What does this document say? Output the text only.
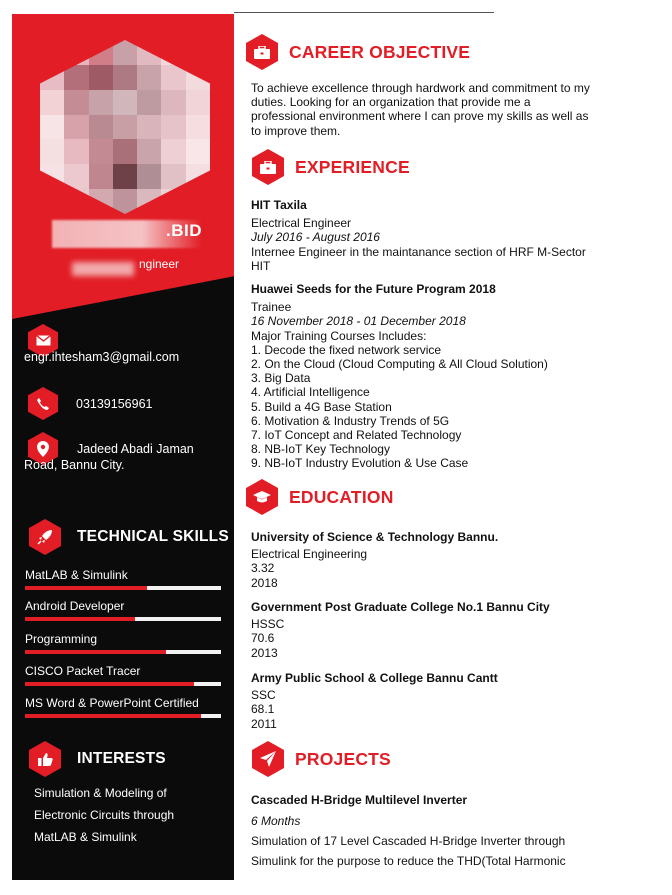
.BID
ngineer
engr.ihtesham3@gmail.com
03139156961
Jadeed Abadi Jaman
Road, Bannu City.
TECHNICAL SKILLS
MatLAB & Simulink
Android Developer
Programming
CISCO Packet Tracer
MS Word & PowerPoint Certified
INTERESTS
Simulation & Modeling of
Electronic Circuits through
MatLAB & Simulink
CAREER OBJECTIVE
To achieve excellence through hardwork and commitment to my
duties. Looking for an organization that provide me a
professional environment where I can prove my skills as well as
to improve them.
EXPERIENCE
HIT Taxila
Electrical Engineer
July 2016 - August 2016
Internee Engineer in the maintanance section of HRF M-Sector
HIT
Huawei Seeds for the Future Program 2018
Trainee
16 November 2018 - 01 December 2018
Major Training Courses Includes:
1. Decode the fixed network service
2. On the Cloud (Cloud Computing & All Cloud Solution)
3. Big Data
4. Artificial Intelligence
5. Build a 4G Base Station
6. Motivation & Industry Trends of 5G
7. IoT Concept and Related Technology
8. NB-IoT Key Technology
9. NB-IoT Industry Evolution & Use Case
EDUCATION
University of Science & Technology Bannu.
Electrical Engineering
3.32
2018
Government Post Graduate College No.1 Bannu City
HSSC
70.6
2013
Army Public School & College Bannu Cantt
SSC
68.1
2011
PROJECTS
Cascaded H-Bridge Multilevel Inverter
6 Months
Simulation of 17 Level Cascaded H-Bridge Inverter through
Simulink for the purpose to reduce the THD(Total Harmonic
